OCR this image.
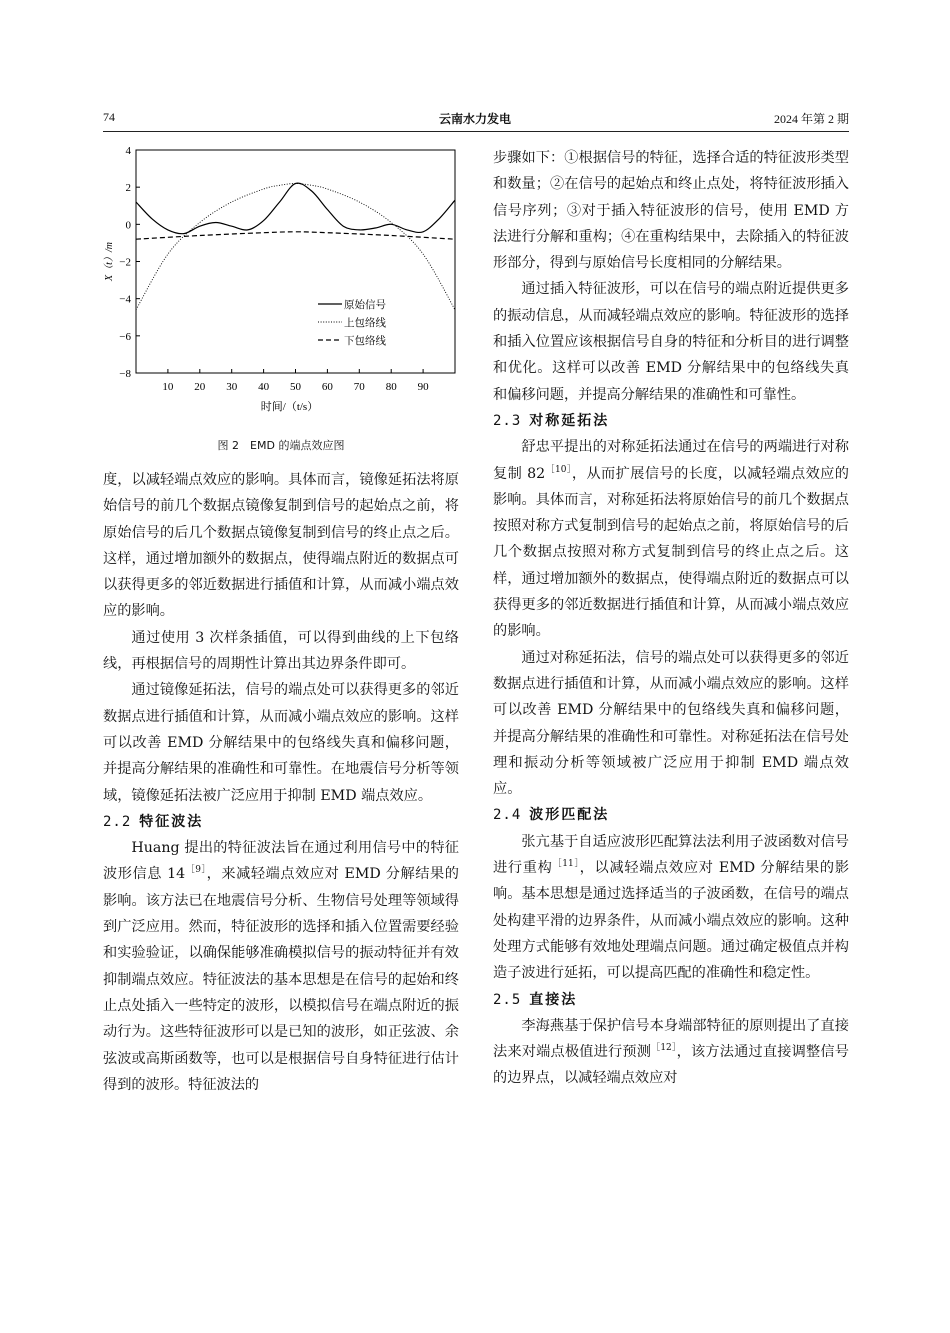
74	云南水力发电	2024 年第 2 期
10 20 30 40 50 60 70 80 90
4
2
0
−2
−4
−6
−8
时间/（t/s）
X（t）/m
原始信号
上包络线
下包络线
图 2　EMD 的端点效应图

度，以减轻端点效应的影响。具体而言，镜像延拓法将原始信号的前几个数据点镜像复制到信号的起始点之前，将原始信号的后几个数据点镜像复制到信号的终止点之后。这样，通过增加额外的数据点，使得端点附近的数据点可以获得更多的邻近数据进行插值和计算，从而减小端点效应的影响。

通过使用 3 次样条插值，可以得到曲线的上下包络线，再根据信号的周期性计算出其边界条件即可。

通过镜像延拓法，信号的端点处可以获得更多的邻近数据点进行插值和计算，从而减小端点效应的影响。这样可以改善 EMD 分解结果中的包络线失真和偏移问题，并提高分解结果的准确性和可靠性。在地震信号分析等领域，镜像延拓法被广泛应用于抑制 EMD 端点效应。

2.2 特征波法

Huang 提出的特征波法旨在通过利用信号中的特征波形信息 $14^{[9]}$，来减轻端点效应对 EMD 分解结果的影响。该方法已在地震信号分析、生物信号处理等领域得到广泛应用。然而，特征波形的选择和插入位置需要经验和实验验证，以确保能够准确模拟信号的振动特征并有效抑制端点效应。特征波法的基本思想是在信号的起始和终止点处插入一些特定的波形，以模拟信号在端点附近的振动行为。这些特征波形可以是已知的波形，如正弦波、余弦波或高斯函数等，也可以是根据信号自身特征进行估计得到的波形。特征波法的

步骤如下：①根据信号的特征，选择合适的特征波形类型和数量；②在信号的起始点和终止点处，将特征波形插入信号序列；③对于插入特征波形的信号，使用 EMD 方法进行分解和重构；④在重构结果中，去除插入的特征波形部分，得到与原始信号长度相同的分解结果。

通过插入特征波形，可以在信号的端点附近提供更多的振动信息，从而减轻端点效应的影响。特征波形的选择和插入位置应该根据信号自身的特征和分析目的进行调整和优化。这样可以改善 EMD 分解结果中的包络线失真和偏移问题，并提高分解结果的准确性和可靠性。

2.3 对称延拓法

舒忠平提出的对称延拓法通过在信号的两端进行对称复制 $82^{[10]}$，从而扩展信号的长度，以减轻端点效应的影响。具体而言，对称延拓法将原始信号的前几个数据点按照对称方式复制到信号的起始点之前，将原始信号的后几个数据点按照对称方式复制到信号的终止点之后。这样，通过增加额外的数据点，使得端点附近的数据点可以获得更多的邻近数据进行插值和计算，从而减小端点效应的影响。

通过对称延拓法，信号的端点处可以获得更多的邻近数据点进行插值和计算，从而减小端点效应的影响。这样可以改善 EMD 分解结果中的包络线失真和偏移问题，并提高分解结果的准确性和可靠性。对称延拓法在信号处理和振动分析等领域被广泛应用于抑制 EMD 端点效应。

2.4 波形匹配法

张亢基于自适应波形匹配算法法利用子波函数对信号进行重构$^{[11]}$，以减轻端点效应对 EMD 分解结果的影响。基本思想是通过选择适当的子波函数，在信号的端点处构建平滑的边界条件，从而减小端点效应的影响。这种处理方式能够有效地处理端点问题。通过确定极值点并构造子波进行延拓，可以提高匹配的准确性和稳定性。

2.5 直接法

李海燕基于保护信号本身端部特征的原则提出了直接法来对端点极值进行预测$^{[12]}$，该方法通过直接调整信号的边界点，以减轻端点效应对
